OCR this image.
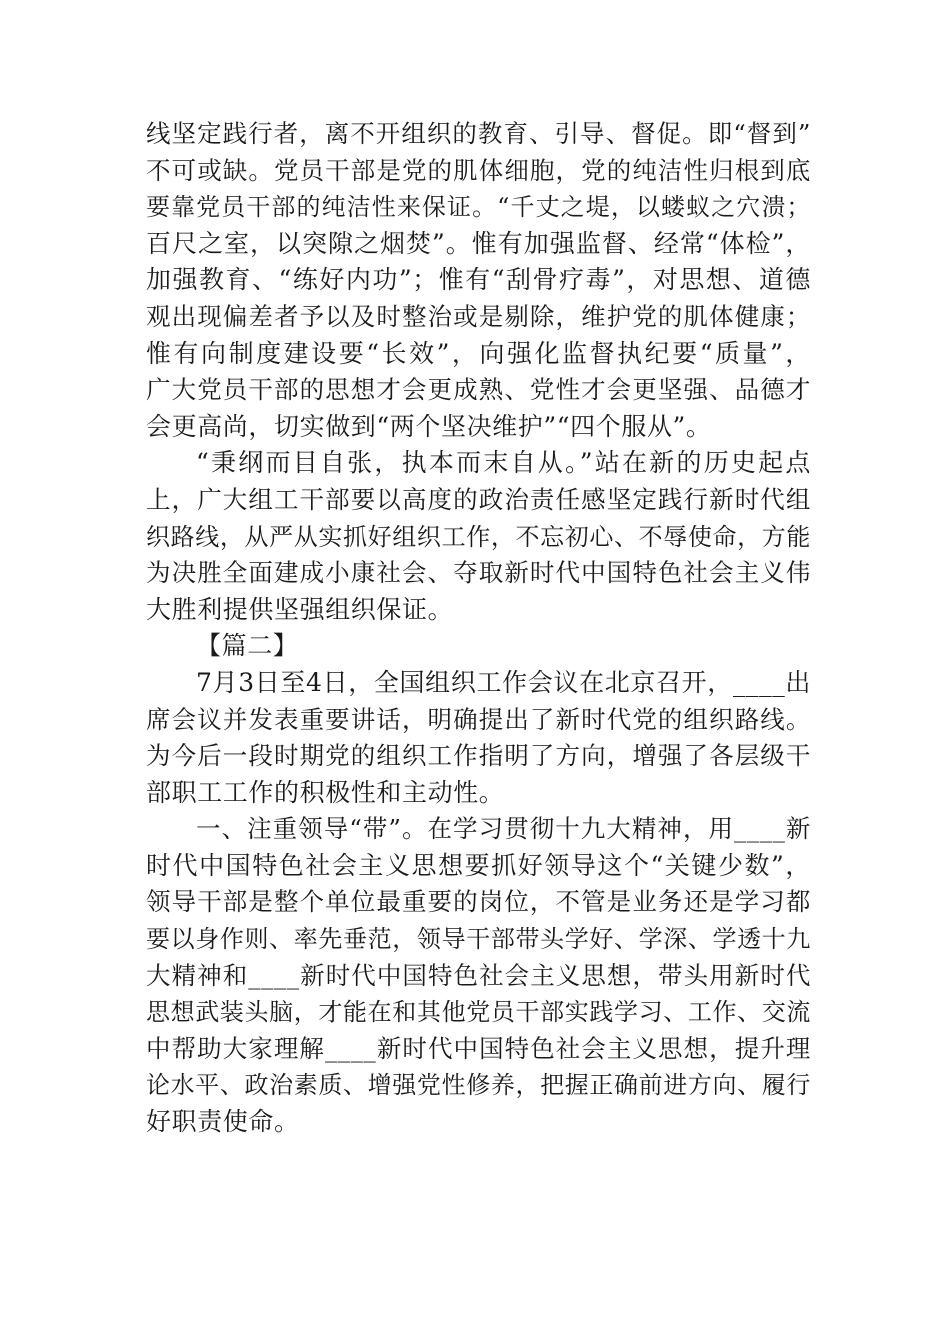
线坚定践行者，离不开组织的教育、引导、督促。即“督到”
不可或缺。党员干部是党的肌体细胞，党的纯洁性归根到底
要靠党员干部的纯洁性来保证。“千丈之堤，以蝼蚁之穴溃；
百尺之室，以突隙之烟焚”。惟有加强监督、经常“体检”，
加强教育、“练好内功”；惟有“刮骨疗毒”，对思想、道德
观出现偏差者予以及时整治或是剔除，维护党的肌体健康；
惟有向制度建设要“长效”，向强化监督执纪要“质量”，
广大党员干部的思想才会更成熟、党性才会更坚强、品德才
会更高尚，切实做到“两个坚决维护”“四个服从”。
“秉纲而目自张，执本而末自从。”站在新的历史起点
上，广大组工干部要以高度的政治责任感坚定践行新时代组
织路线，从严从实抓好组织工作，不忘初心、不辱使命，方能
为决胜全面建成小康社会、夺取新时代中国特色社会主义伟
大胜利提供坚强组织保证。
【篇二】
7月3日至4日，全国组织工作会议在北京召开，____出
席会议并发表重要讲话，明确提出了新时代党的组织路线。
为今后一段时期党的组织工作指明了方向，增强了各层级干
部职工工作的积极性和主动性。
一、注重领导“带”。在学习贯彻十九大精神，用____新
时代中国特色社会主义思想要抓好领导这个“关键少数”，
领导干部是整个单位最重要的岗位，不管是业务还是学习都
要以身作则、率先垂范，领导干部带头学好、学深、学透十九
大精神和____新时代中国特色社会主义思想，带头用新时代
思想武装头脑，才能在和其他党员干部实践学习、工作、交流
中帮助大家理解____新时代中国特色社会主义思想，提升理
论水平、政治素质、增强党性修养，把握正确前进方向、履行
好职责使命。
